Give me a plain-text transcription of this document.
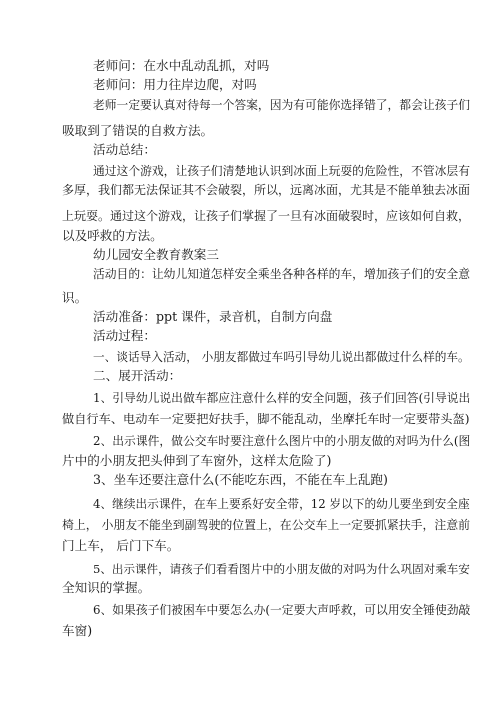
老师问：在水中乱动乱抓，对吗

老师问：用力往岸边爬，对吗

老师一定要认真对待每一个答案，因为有可能你选择错了，都会让孩子们

吸取到了错误的自救方法。

活动总结：

通过这个游戏，让孩子们清楚地认识到冰面上玩耍的危险性，不管冰层有

多厚，我们都无法保证其不会破裂，所以，远离冰面，尤其是不能单独去冰面

上玩耍。通过这个游戏，让孩子们掌握了一旦有冰面破裂时，应该如何自救，

以及呼救的方法。

幼儿园安全教育教案三

活动目的：让幼儿知道怎样安全乘坐各种各样的车，增加孩子们的安全意

识。

活动准备：ppt 课件，录音机，自制方向盘

活动过程：

一、谈话导入活动， 小朋友都做过车吗引导幼儿说出都做过什么样的车。

二、展开活动：

1、引导幼儿说出做车都应注意什么样的安全问题，孩子们回答(引导说出

做自行车、电动车一定要把好扶手，脚不能乱动，坐摩托车时一定要带头盔)

2、出示课件，做公交车时要注意什么图片中的小朋友做的对吗为什么(图

片中的小朋友把头伸到了车窗外，这样太危险了)

3、坐车还要注意什么(不能吃东西，不能在车上乱跑)

4、继续出示课件，在车上要系好安全带，12 岁以下的幼儿要坐到安全座

椅上， 小朋友不能坐到副驾驶的位置上，在公交车上一定要抓紧扶手，注意前

门上车， 后门下车。

5、出示课件，请孩子们看看图片中的小朋友做的对吗为什么巩固对乘车安

全知识的掌握。

6、如果孩子们被困车中要怎么办(一定要大声呼救，可以用安全锤使劲敲

车窗)
